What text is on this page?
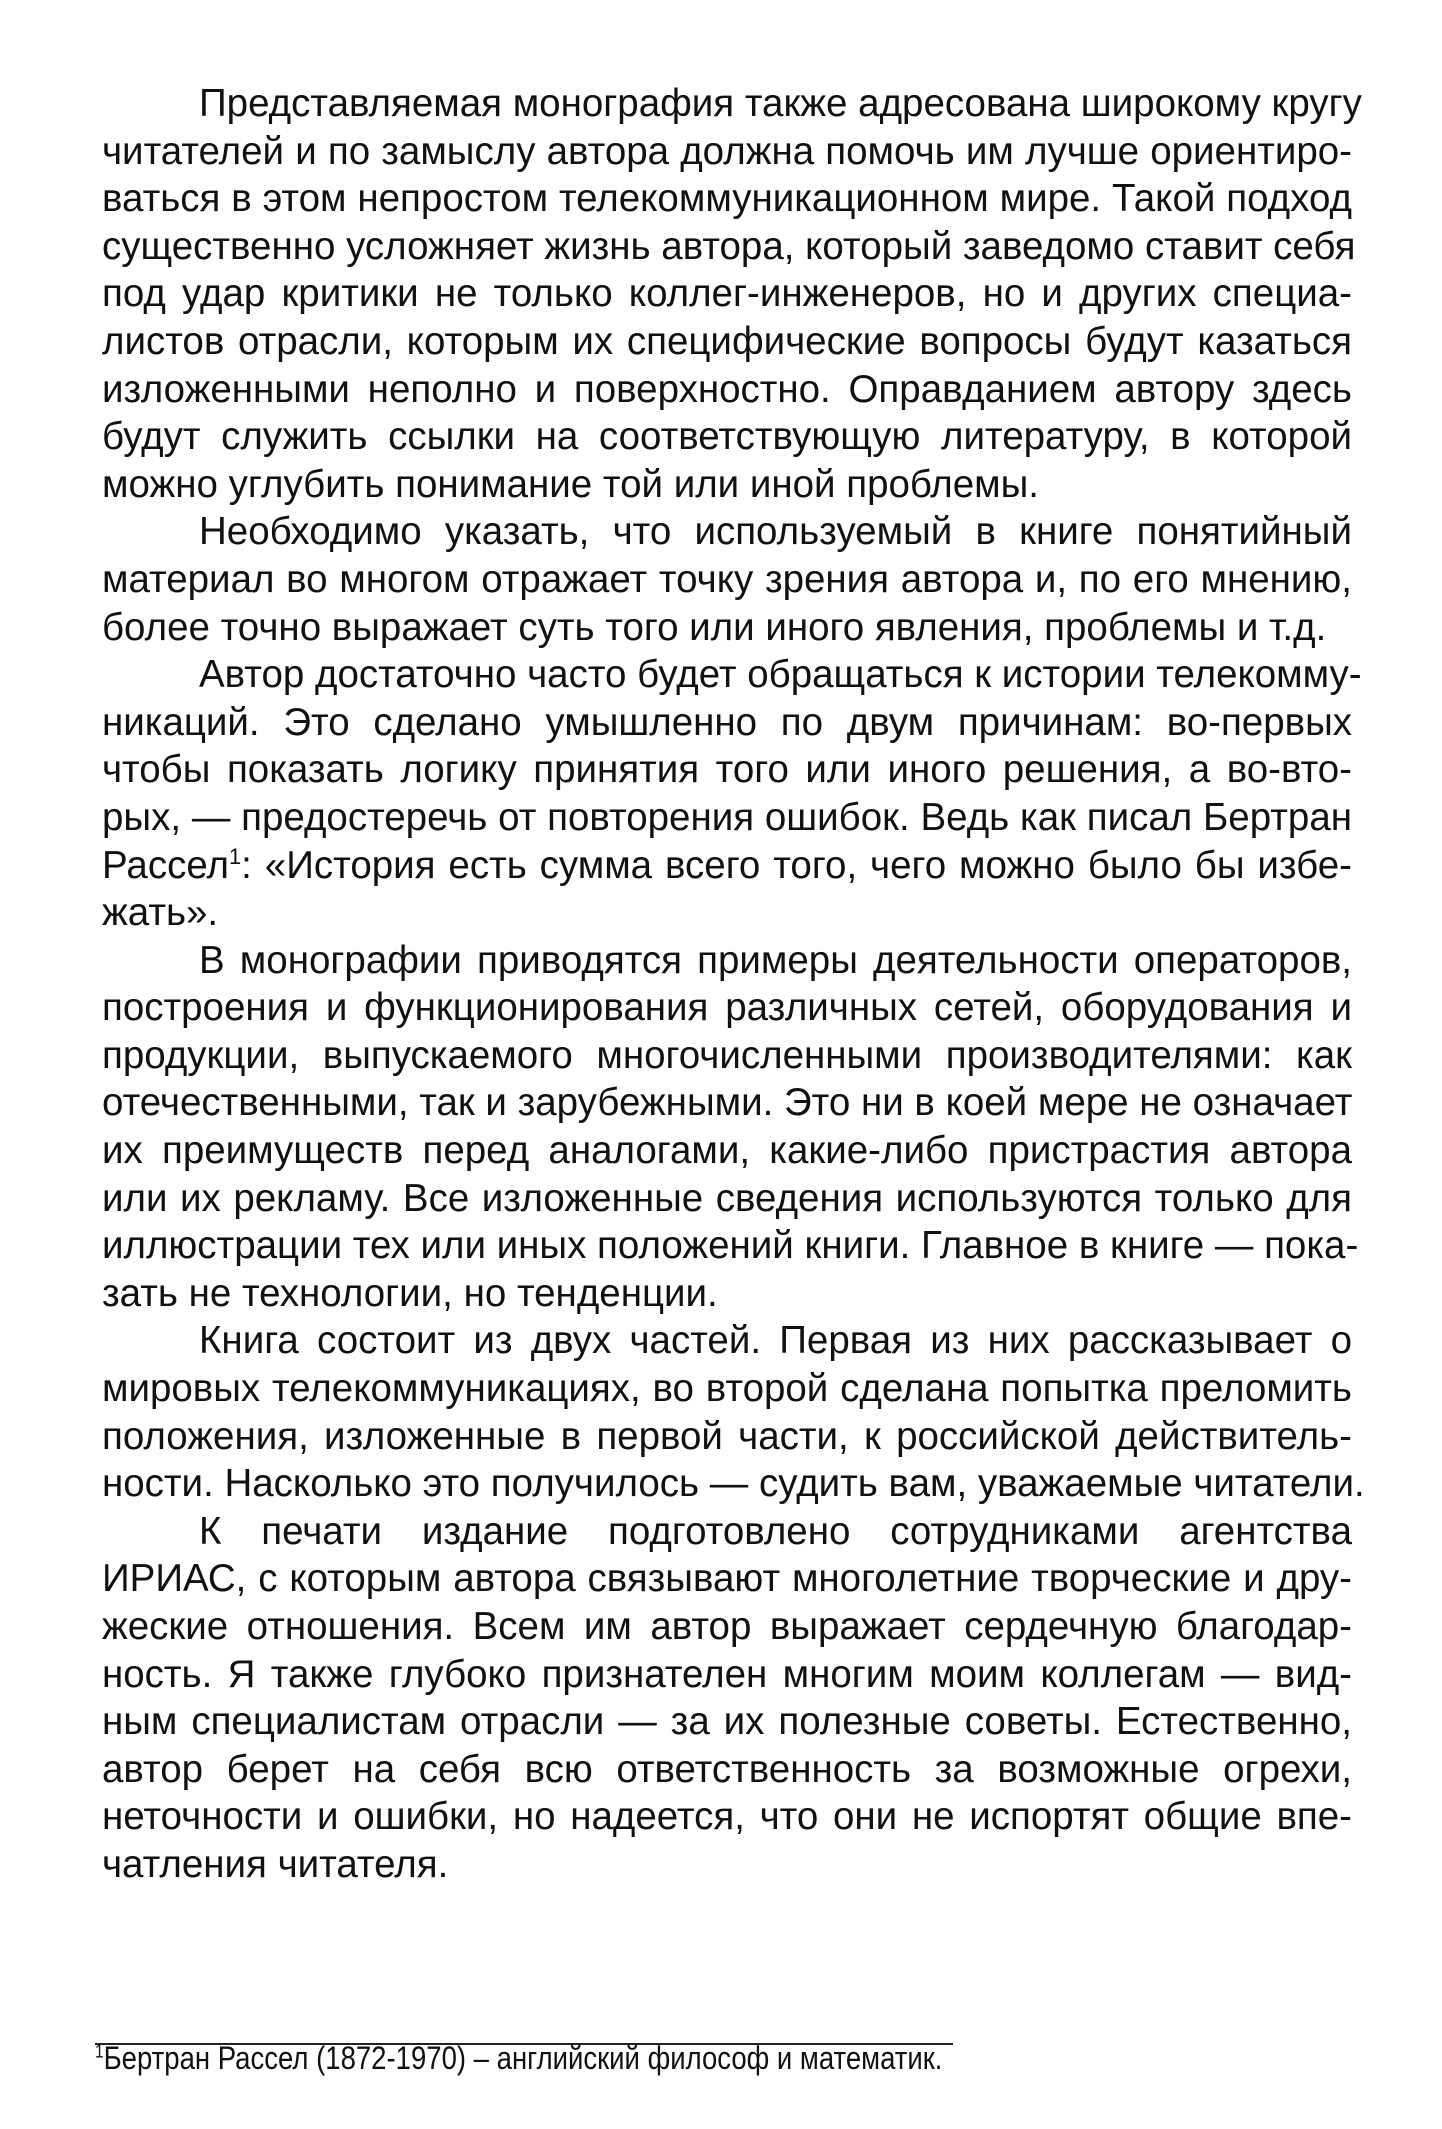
Представляемая монография также адресована широкому кругу
читателей и по замыслу автора должна помочь им лучше ориентиро-
ваться в этом непростом телекоммуникационном мире. Такой подход
существенно усложняет жизнь автора, который заведомо ставит себя
под удар критики не только коллег-инженеров, но и других специа-
листов отрасли, которым их специфические вопросы будут казаться
изложенными неполно и поверхностно. Оправданием автору здесь
будут служить ссылки на соответствующую литературу, в которой
можно углубить понимание той или иной проблемы.

Необходимо указать, что используемый в книге понятийный
материал во многом отражает точку зрения автора и, по его мнению,
более точно выражает суть того или иного явления, проблемы и т.д.

Автор достаточно часто будет обращаться к истории телекомму-
никаций. Это сделано умышленно по двум причинам: во-первых
чтобы показать логику принятия того или иного решения, а во-вто-
рых, — предостеречь от повторения ошибок. Ведь как писал Бертран
Рассел$^1$: «История есть сумма всего того, чего можно было бы избе-
жать».

В монографии приводятся примеры деятельности операторов,
построения и функционирования различных сетей, оборудования и
продукции, выпускаемого многочисленными производителями: как
отечественными, так и зарубежными. Это ни в коей мере не означает
их преимуществ перед аналогами, какие-либо пристрастия автора
или их рекламу. Все изложенные сведения используются только для
иллюстрации тех или иных положений книги. Главное в книге — пока-
зать не технологии, но тенденции.

Книга состоит из двух частей. Первая из них рассказывает о
мировых телекоммуникациях, во второй сделана попытка преломить
положения, изложенные в первой части, к российской действитель-
ности. Насколько это получилось — судить вам, уважаемые читатели.

К печати издание подготовлено сотрудниками агентства
ИРИАС, с которым автора связывают многолетние творческие и дру-
жеские отношения. Всем им автор выражает сердечную благодар-
ность. Я также глубоко признателен многим моим коллегам — вид-
ным специалистам отрасли — за их полезные советы. Естественно,
автор берет на себя всю ответственность за возможные огрехи,
неточности и ошибки, но надеется, что они не испортят общие впе-
чатления читателя.

$^1$Бертран Рассел (1872-1970) – английский философ и математик.
